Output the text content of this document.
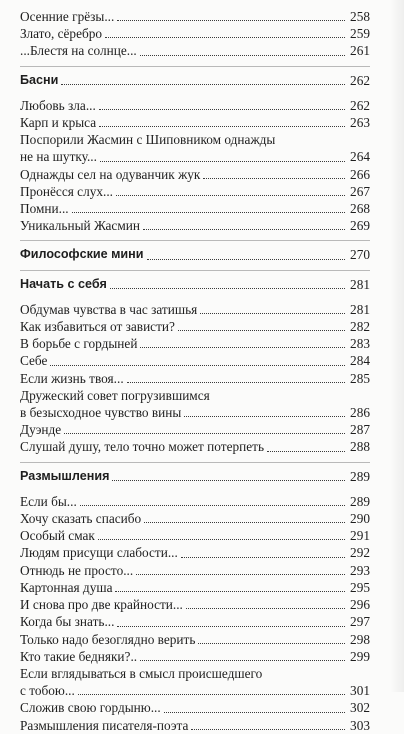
Осенние грёзы...	258
Злато, сёребро	259
...Блестя на солнце...	261
Басни	262
Любовь зла...	262
Карп и крыса	263
Поспорили Жасмин с Шиповником однажды
не на шутку...	264
Однажды сел на одуванчик жук	266
Пронёсся слух...	267
Помни...	268
Уникальный Жасмин	269
Философские мини	270
Начать с себя	281
Обдумав чувства в час затишья	281
Как избавиться от зависти?	282
В борьбе с гордыней	283
Себе	284
Если жизнь твоя...	285
Дружеский совет погрузившимся
в безысходное чувство вины	286
Дуэнде	287
Слушай душу, тело точно может потерпеть	288
Размышления	289
Если бы...	289
Хочу сказать спасибо	290
Особый смак	291
Людям присущи слабости...	292
Отнюдь не просто...	293
Картонная душа	295
И снова про две крайности...	296
Когда бы знать...	297
Только надо безоглядно верить	298
Кто такие бедняки?..	299
Если вглядываться в смысл происшедшего
с тобою...	301
Сложив свою гордыню...	302
Размышления писателя-поэта	303
